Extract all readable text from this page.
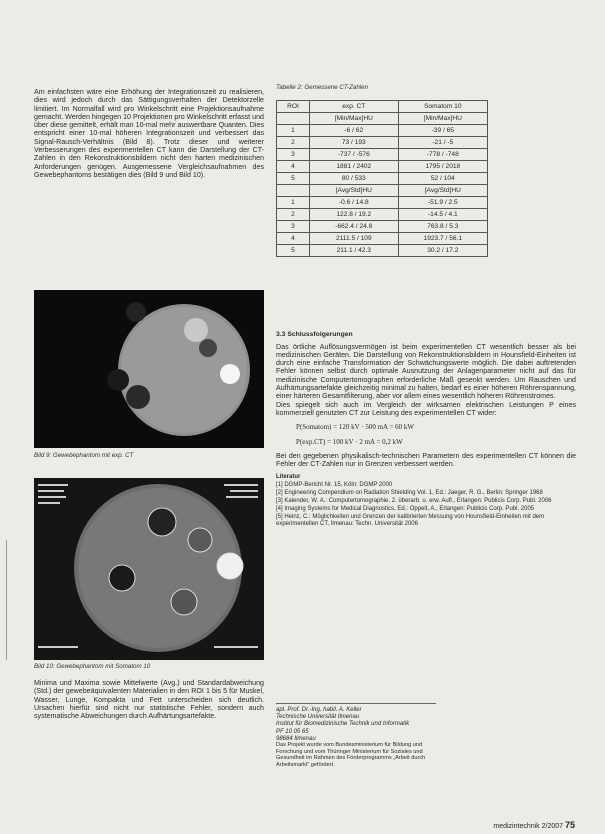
Am einfachsten wäre eine Erhöhung der Integrationszeit zu realisieren, dies wird jedoch durch das Sättigungsverhalten der Detektorzelle limitiert. Im Normalfall wird pro Winkelschritt eine Projektionsaufnahme gemacht. Werden hingegen 10 Projektionen pro Winkelschritt erfasst und über diese gemittelt, erhält man 10-mal mehr auswertbare Quanten. Dies entspricht einer 10-mal höheren Integrationszeit und verbessert das Signal-Rausch-Verhältnis (Bild 8). Trotz dieser und weiterer Verbesserungen des experimentellen CT kann die Darstellung der CT-Zahlen in den Rekonstruktionsbildern nicht den harten medizinischen Anforderungen genügen. Ausgemessene Vergleichsaufnahmen des Gewebephantoms bestätigen dies (Bild 9 und Bild 10).

Bild 9: Gewebephantom mit exp. CT
Bild 10: Gewebephantom mit Somatom 10
Minima und Maxima sowie Mittelwerte (Avg.) und Standardabweichung (Std.) der gewebeäquivalenten Materialien in den ROI 1 bis 5 für Muskel, Wasser, Lunge, Kompakta und Fett unterscheiden sich deutlich. Ursachen hierfür sind nicht nur statistische Fehler, sondern auch systematische Abweichungen durch Aufhärtungsartefakte.
Tabelle 2: Gemessene CT-Zahlen
ROI	exp. CT	Somatom 10
	[Min/Max]HU	[Min/Max]HU
1	-6 / 62	-39 / 65
2	73 / 193	-21 / -5
3	-737 / -576	-778 / -748
4	1881 / 2402	1795 / 2018
5	80 / 533	52 / 104
	[Avg/Std]HU	[Avg/Std]HU
1	-0.6 / 14.8	-51.9 / 2.5
2	122.8 / 19.2	-14.5 / 4.1
3	-662.4 / 24.8	763.8 / 5.3
4	2111.5 / 109	1923.7 / 56.1
5	211.1 / 42.3	30.2 / 17.2
3.3 Schlussfolgerungen
Das örtliche Auflösungsvermögen ist beim experimentellen CT wesentlich besser als bei medizinischen Geräten. Die Darstellung von Rekonstruktionsbildern in Hounsfield-Einheiten ist durch eine einfache Transformation der Schwächungswerte möglich. Die dabei auftretenden Fehler können selbst durch optimale Ausnutzung der Anlagenparameter nicht auf das für medizinische Computertomographen erforderliche Maß gesenkt werden. Um Rauschen und Aufhärtungsartefakte gleichzeitig minimal zu halten, bedarf es einer höheren Röhrenspannung, einer härteren Gesamtfilterung, aber vor allem eines wesentlich höheren Röhrenstromes.
Dies spiegelt sich auch im Vergleich der wirksamen elektrischen Leistungen P eines kommerziell genutzten CT zur Leistung des experimentellen CT wider:
P(Somatom) = 120 kV · 500 mA = 60 kW
P(exp.CT) = 100 kV · 2 mA = 0,2 kW
Bei den gegebenen physikalisch-technischen Parametern des experimentellen CT können die Fehler der CT-Zahlen nur in Grenzen verbessert werden.
Literatur
[1] DGMP-Bericht Nr. 15, Köln: DGMP 2000
[2] Engineering Compendium on Radiation Shielding Vol. 1, Ed.: Jaeger, R. G., Berlin: Springer 1968
[3] Kalender, W. A.: Computertomographie, 2. überarb. u. erw. Aufl., Erlangen: Publicis Corp. Publ. 2006
[4] Imaging Systems for Medical Diagnostics, Ed.: Oppelt, A., Erlangen: Publicis Corp. Publ. 2005
[5] Heinz, C.: Möglichkeiten und Grenzen der kalibrierten Messung von Hounsfield-Einheiten mit dem experimentellen CT, Ilmenau: Techn. Universität 2006
apl. Prof. Dr.-Ing. habil. A. Keller
Technische Universität Ilmenau
Institut für Biomedizinische Technik und Informatik
PF 10 05 65
98684 Ilmenau
Das Projekt wurde vom Bundesministerium für Bildung und Forschung und vom Thüringer Ministerium für Soziales und Gesundheit im Rahmen des Förderprogramms „Arbeit durch Arbeitsmarkt“ gefördert.
medizintechnik 2/2007 75
